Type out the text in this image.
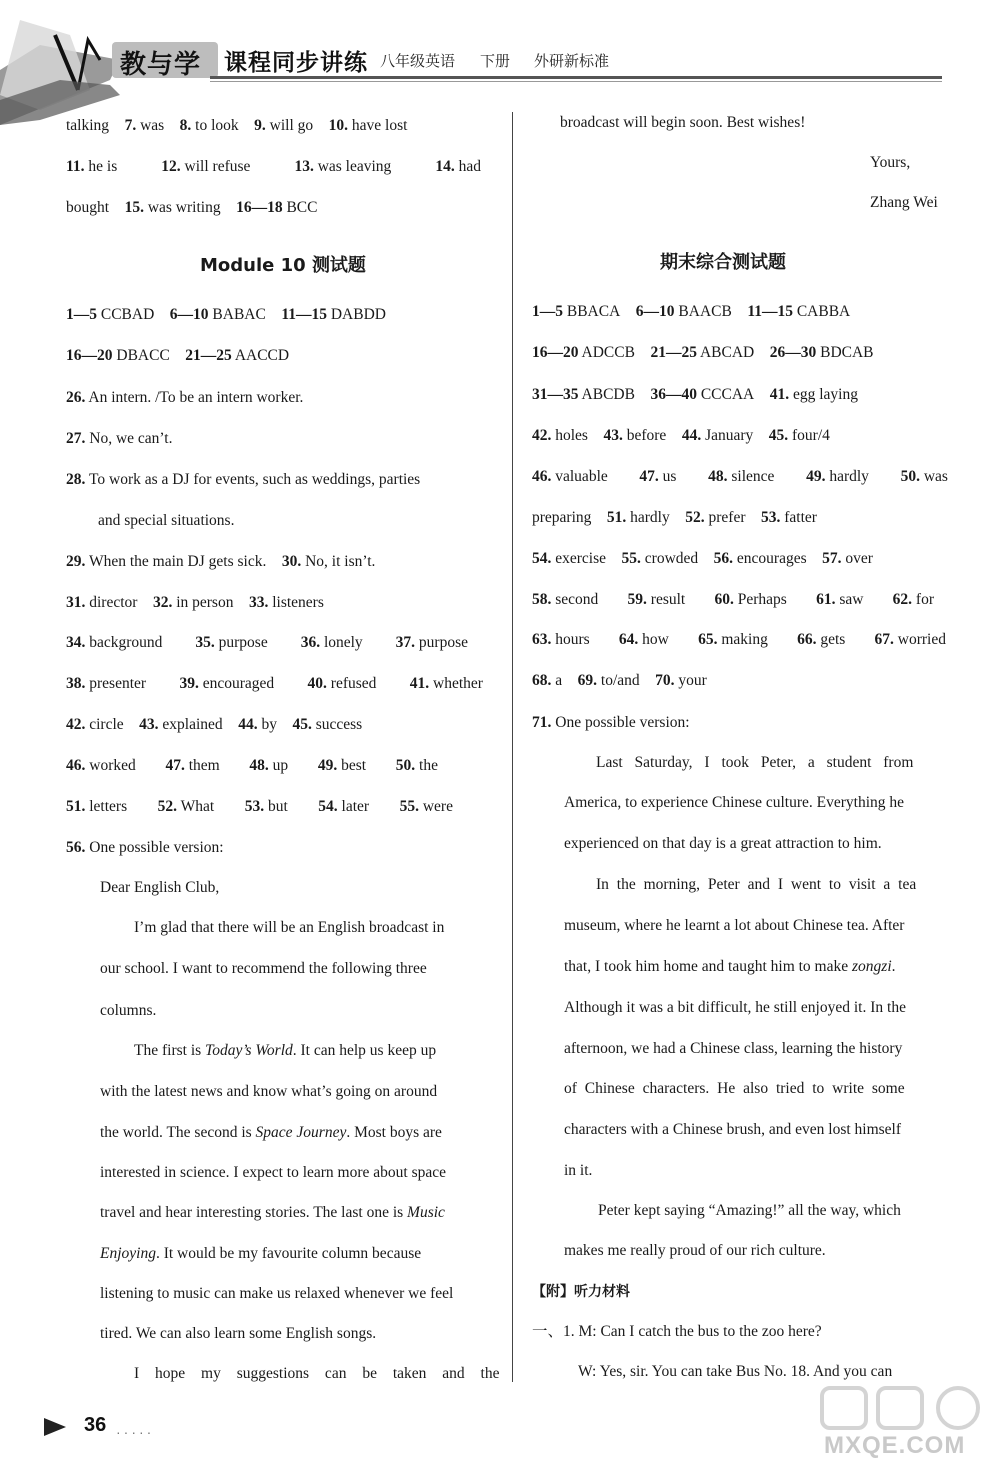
教与学 课程同步讲练 八年级英语 下册 外研新标准
talking 7. was 8. to look 9. will go 10. have lost
11. he is	12. will refuse	13. was leaving	14. had
bought 15. was writing 16—18 BCC
Module 10 测试题
1—5 CCBAD 6—10 BABAC 11—15 DABDD
16—20 DBACC 21—25 AACCD
26. An intern. /To be an intern worker.
27. No, we can’t.
28. To work as a DJ for events, such as weddings, parties
and special situations.
29. When the main DJ gets sick. 30. No, it isn’t.
31. director 32. in person 33. listeners
34. background 35. purpose 36. lonely 37. purpose
38. presenter 39. encouraged 40. refused 41. whether
42. circle 43. explained 44. by 45. success
46. worked 47. them 48. up 49. best 50. the
51. letters 52. What 53. but 54. later 55. were
56. One possible version:
Dear English Club,
I’m glad that there will be an English broadcast in
our school. I want to recommend the following three
columns.
The first is Today’s World. It can help us keep up
with the latest news and know what’s going on around
the world. The second is Space Journey. Most boys are
interested in science. I expect to learn more about space
travel and hear interesting stories. The last one is Music
Enjoying. It would be my favourite column because
listening to music can make us relaxed whenever we feel
tired. We can also learn some English songs.
I hope my suggestions can be taken and the
broadcast will begin soon. Best wishes!
Yours,
Zhang Wei
期末综合测试题
1—5 BBACA 6—10 BAACB 11—15 CABBA
16—20 ADCCB 21—25 ABCAD 26—30 BDCAB
31—35 ABCDB 36—40 CCCAA 41. egg laying
42. holes 43. before 44. January 45. four/4
46. valuable 47. us 48. silence 49. hardly 50. was
preparing 51. hardly 52. prefer 53. fatter
54. exercise 55. crowded 56. encourages 57. over
58. second 59. result 60. Perhaps 61. saw 62. for
63. hours 64. how 65. making 66. gets 67. worried
68. a 69. to/and 70. your
71. One possible version:
Last Saturday, I took Peter, a student from
America, to experience Chinese culture. Everything he
experienced on that day is a great attraction to him.
In the morning, Peter and I went to visit a tea
museum, where he learnt a lot about Chinese tea. After
that, I took him home and taught him to make zongzi.
Although it was a bit difficult, he still enjoyed it. In the
afternoon, we had a Chinese class, learning the history
of Chinese characters. He also tried to write some
characters with a Chinese brush, and even lost himself
in it.
Peter kept saying “Amazing!” all the way, which
makes me really proud of our rich culture.
【附】听力材料
一、1. M: Can I catch the bus to the zoo here?
W: Yes, sir. You can take Bus No. 18. And you can
36 ·····	MXQE.COM
